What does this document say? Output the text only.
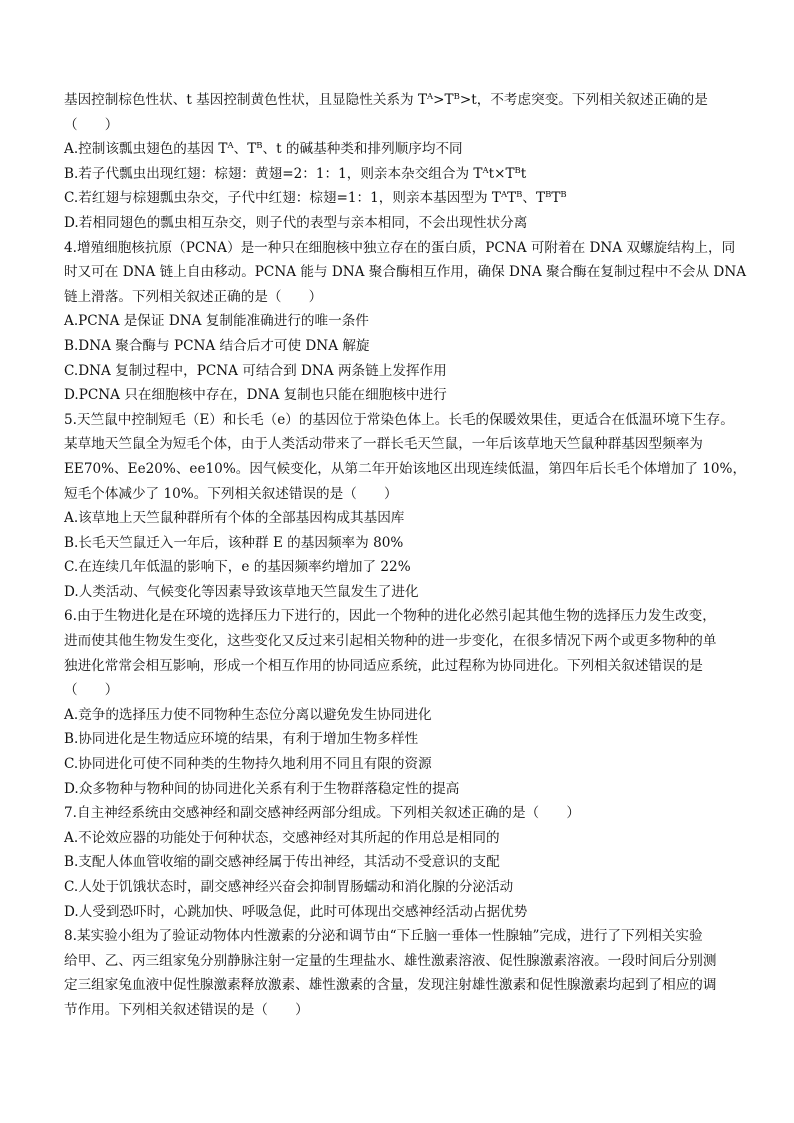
基因控制棕色性状、t 基因控制黄色性状，且显隐性关系为 $T^A>T^B>t$，不考虑突变。下列相关叙述正确的是
（　　）
A.控制该瓢虫翅色的基因 $T^A$、$T^B$、t 的碱基种类和排列顺序均不同
B.若子代瓢虫出现红翅：棕翅：黄翅=2：1：1，则亲本杂交组合为 $T^At\times T^Bt$
C.若红翅与棕翅瓢虫杂交，子代中红翅：棕翅=1：1，则亲本基因型为 $T^AT^B$、$T^BT^B$
D.若相同翅色的瓢虫相互杂交，则子代的表型与亲本相同，不会出现性状分离
4.增殖细胞核抗原（PCNA）是一种只在细胞核中独立存在的蛋白质，PCNA 可附着在 DNA 双螺旋结构上，同
时又可在 DNA 链上自由移动。PCNA 能与 DNA 聚合酶相互作用，确保 DNA 聚合酶在复制过程中不会从 DNA
链上滑落。下列相关叙述正确的是（　　）
A.PCNA 是保证 DNA 复制能准确进行的唯一条件
B.DNA 聚合酶与 PCNA 结合后才可使 DNA 解旋
C.DNA 复制过程中，PCNA 可结合到 DNA 两条链上发挥作用
D.PCNA 只在细胞核中存在，DNA 复制也只能在细胞核中进行
5.天竺鼠中控制短毛（E）和长毛（e）的基因位于常染色体上。长毛的保暖效果佳，更适合在低温环境下生存。
某草地天竺鼠全为短毛个体，由于人类活动带来了一群长毛天竺鼠，一年后该草地天竺鼠种群基因型频率为
EE70%、Ee20%、ee10%。因气候变化，从第二年开始该地区出现连续低温，第四年后长毛个体增加了 10%，
短毛个体减少了 10%。下列相关叙述错误的是（　　）
A.该草地上天竺鼠种群所有个体的全部基因构成其基因库
B.长毛天竺鼠迁入一年后，该种群 E 的基因频率为 80%
C.在连续几年低温的影响下，e 的基因频率约增加了 22%
D.人类活动、气候变化等因素导致该草地天竺鼠发生了进化
6.由于生物进化是在环境的选择压力下进行的，因此一个物种的进化必然引起其他生物的选择压力发生改变，
进而使其他生物发生变化，这些变化又反过来引起相关物种的进一步变化，在很多情况下两个或更多物种的单
独进化常常会相互影响，形成一个相互作用的协同适应系统，此过程称为协同进化。下列相关叙述错误的是
（　　）
A.竞争的选择压力使不同物种生态位分离以避免发生协同进化
B.协同进化是生物适应环境的结果，有利于增加生物多样性
C.协同进化可使不同种类的生物持久地利用不同且有限的资源
D.众多物种与物种间的协同进化关系有利于生物群落稳定性的提高
7.自主神经系统由交感神经和副交感神经两部分组成。下列相关叙述正确的是（　　）
A.不论效应器的功能处于何种状态，交感神经对其所起的作用总是相同的
B.支配人体血管收缩的副交感神经属于传出神经，其活动不受意识的支配
C.人处于饥饿状态时，副交感神经兴奋会抑制胃肠蠕动和消化腺的分泌活动
D.人受到恐吓时，心跳加快、呼吸急促，此时可体现出交感神经活动占据优势
8.某实验小组为了验证动物体内性激素的分泌和调节由“下丘脑一垂体一性腺轴”完成，进行了下列相关实验
给甲、乙、丙三组家兔分别静脉注射一定量的生理盐水、雄性激素溶液、促性腺激素溶液。一段时间后分别测
定三组家兔血液中促性腺激素释放激素、雄性激素的含量，发现注射雄性激素和促性腺激素均起到了相应的调
节作用。下列相关叙述错误的是（　　）
